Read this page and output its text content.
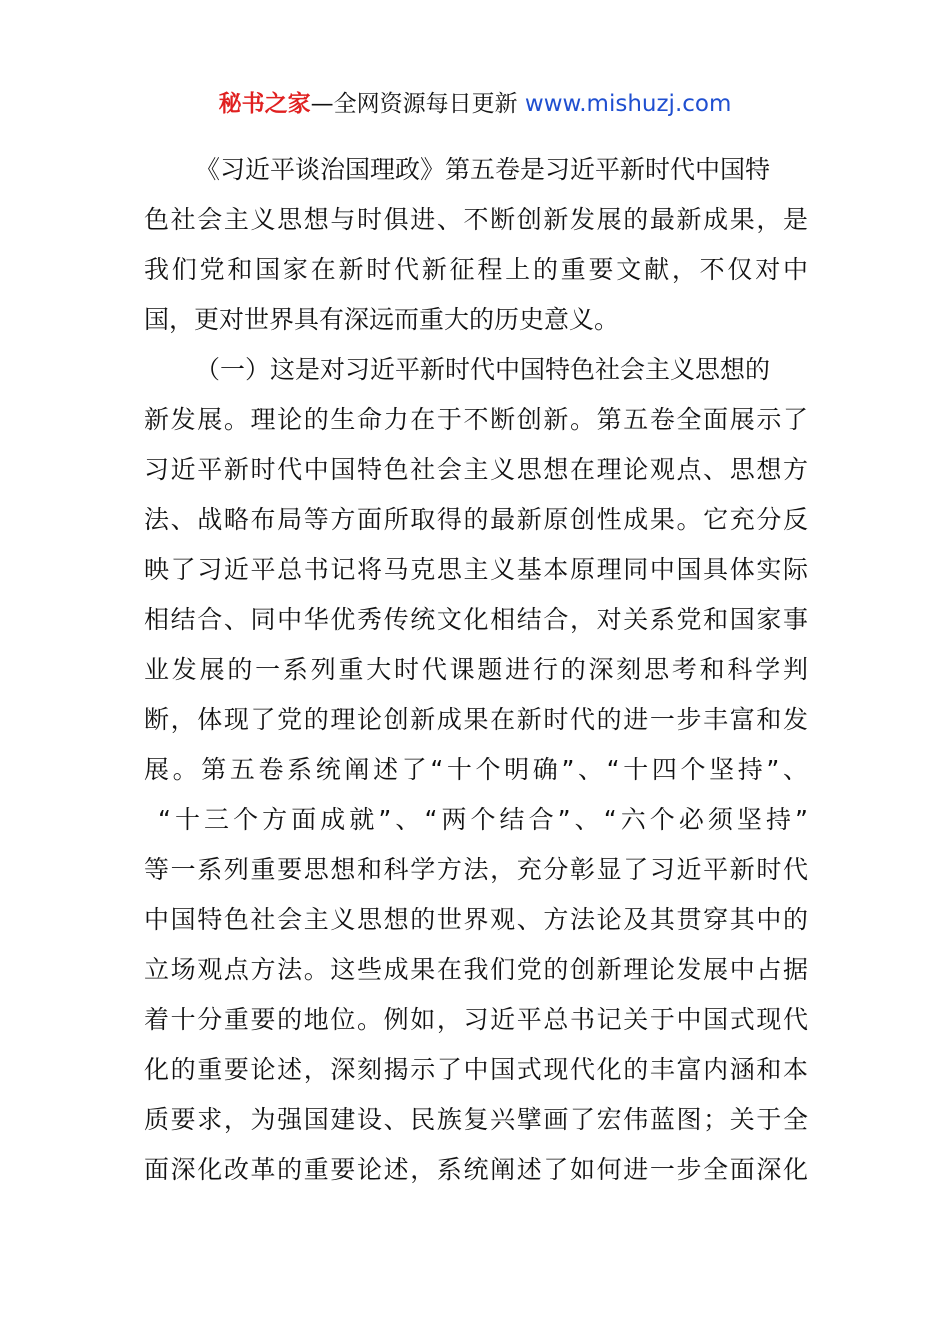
秘书之家—全网资源每日更新 www.mishuzj.com
《习近平谈治国理政》第五卷是习近平新时代中国特
色社会主义思想与时俱进、不断创新发展的最新成果，是
我们党和国家在新时代新征程上的重要文献，不仅对中
国，更对世界具有深远而重大的历史意义。
（一）这是对习近平新时代中国特色社会主义思想的
新发展。理论的生命力在于不断创新。第五卷全面展示了
习近平新时代中国特色社会主义思想在理论观点、思想方
法、战略布局等方面所取得的最新原创性成果。它充分反
映了习近平总书记将马克思主义基本原理同中国具体实际
相结合、同中华优秀传统文化相结合，对关系党和国家事
业发展的一系列重大时代课题进行的深刻思考和科学判
断，体现了党的理论创新成果在新时代的进一步丰富和发
展。第五卷系统阐述了“十个明确”、“十四个坚持”、
“十三个方面成就”、“两个结合”、“六个必须坚持”
等一系列重要思想和科学方法，充分彰显了习近平新时代
中国特色社会主义思想的世界观、方法论及其贯穿其中的
立场观点方法。这些成果在我们党的创新理论发展中占据
着十分重要的地位。例如，习近平总书记关于中国式现代
化的重要论述，深刻揭示了中国式现代化的丰富内涵和本
质要求，为强国建设、民族复兴擘画了宏伟蓝图；关于全
面深化改革的重要论述，系统阐述了如何进一步全面深化
